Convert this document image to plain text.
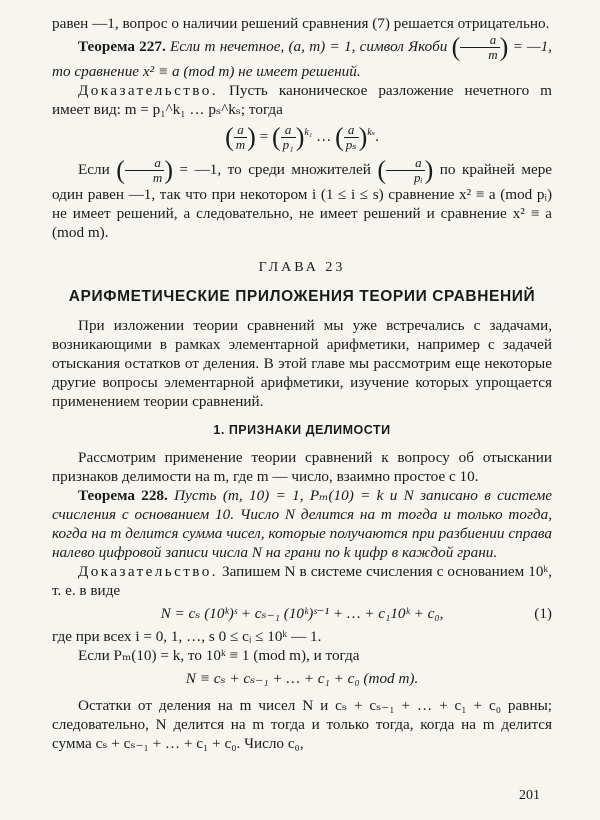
равен —1, вопрос о наличии решений сравнения (7) решается отрицательно.

Теорема 227. Если m нечетное, (a, m) = 1, символ Якоби ( $\frac{a}{m}$ ) = —1, то сравнение x² ≡ a (mod m) не имеет решений.

Доказательство. Пусть каноническое разложение нечетного m имеет вид: m = p₁^k₁ … pₛ^kₛ; тогда

( $\frac{a}{m}$ ) = ( $\frac{a}{\text{p₁}} )^{k_1}$ … ( $\frac{a}{\text{pₛ}} )^{k_s}$.

Если ( $\frac{a}{m}$ ) = —1, то среди множителей ( $\frac{a}{\text{pᵢ}}$ ) по крайней мере один равен —1, так что при некотором i (1 ≤ i ≤ s) сравнение x² ≡ a (mod pᵢ) не имеет решений, а следовательно, не имеет решений и сравнение x² ≡ a (mod m).

ГЛАВА 23
АРИФМЕТИЧЕСКИЕ ПРИЛОЖЕНИЯ ТЕОРИИ СРАВНЕНИЙ

При изложении теории сравнений мы уже встречались с задачами, возникающими в рамках элементарной арифметики, например с задачей отыскания остатков от деления. В этой главе мы рассмотрим еще некоторые другие вопросы элементарной арифметики, изучение которых упрощается применением теории сравнений.

1. ПРИЗНАКИ ДЕЛИМОСТИ

Рассмотрим применение теории сравнений к вопросу об отыскании признаков делимости на m, где m — число, взаимно простое с 10.

Теорема 228. Пусть (m, 10) = 1, Pₘ(10) = k и N записано в системе счисления с основанием 10. Число N делится на m тогда и только тогда, когда на m делится сумма чисел, которые получаются при разбиении справа налево цифровой записи числа N на грани по k цифр в каждой грани.

Доказательство. Запишем N в системе счисления с основанием 10ᵏ, т. е. в виде

N = cₛ (10ᵏ)ˢ + cₛ₋₁ (10ᵏ)ˢ⁻¹ + … + c₁10ᵏ + c₀,	(1)

где при всех i = 0, 1, …, s 0 ≤ cᵢ ≤ 10ᵏ — 1.

Если Pₘ(10) = k, то 10ᵏ ≡ 1 (mod m), и тогда

N ≡ cₛ + cₛ₋₁ + … + c₁ + c₀ (mod m).

Остатки от деления на m чисел N и cₛ + cₛ₋₁ + … + c₁ + c₀ равны; следовательно, N делится на m тогда и только тогда, когда на m делится сумма cₛ + cₛ₋₁ + … + c₁ + c₀. Число c₀,

201
